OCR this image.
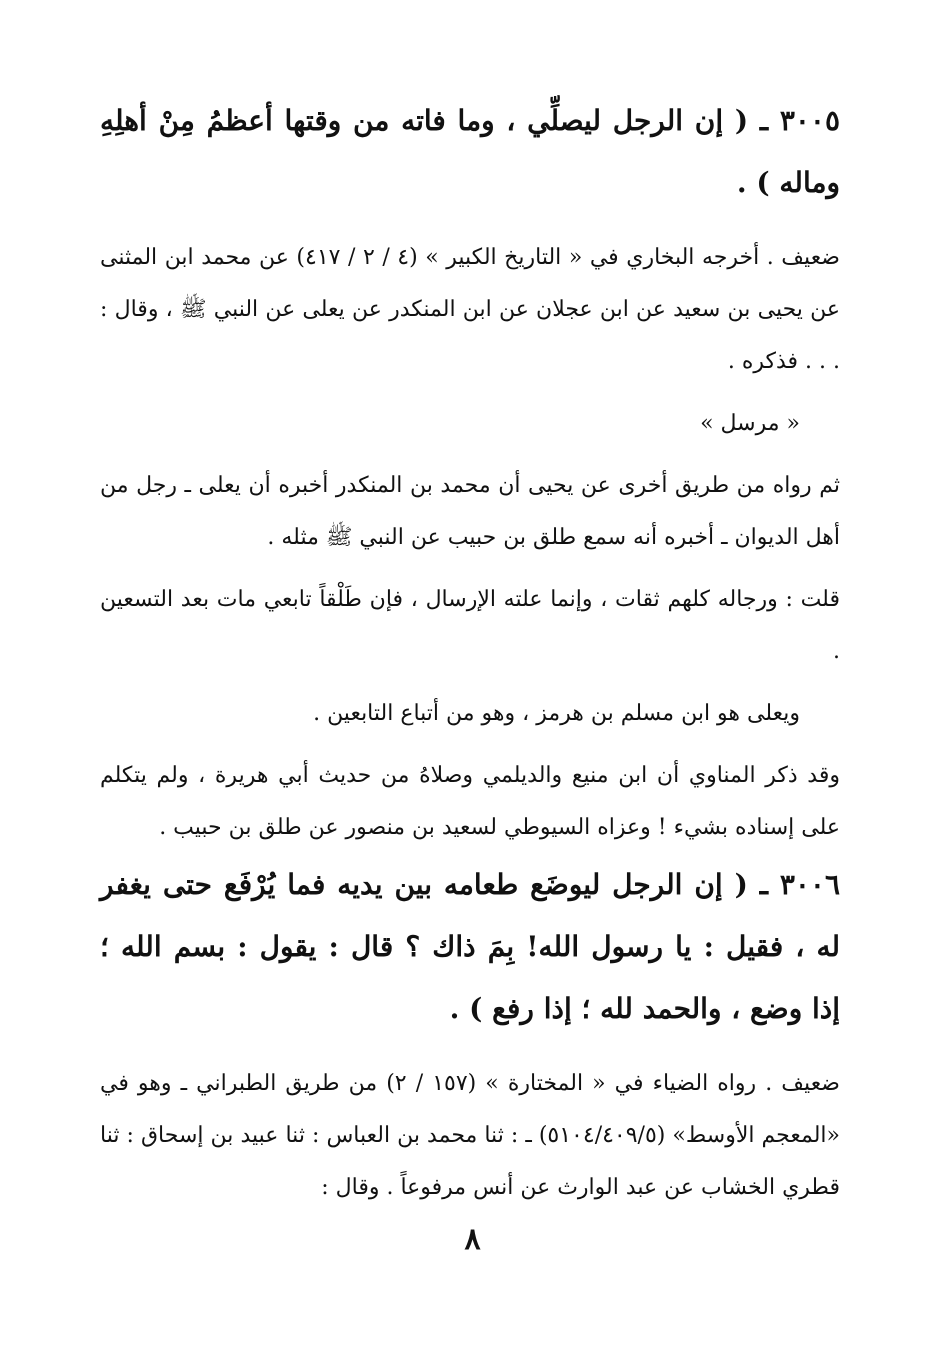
٣٠٠٥ ـ ( إن الرجل ليصلِّي ، وما فاته من وقتها أعظمُ مِنْ أهلِهِ وماله ) .

ضعيف . أخرجه البخاري في « التاريخ الكبير » (٤ / ٢ / ٤١٧) عن محمد ابن المثنى عن يحيى بن سعيد عن ابن عجلان عن ابن المنكدر عن يعلى عن النبي ﷺ ، وقال : . . . فذكره .

« مرسل »

ثم رواه من طريق أخرى عن يحيى أن محمد بن المنكدر أخبره أن يعلى ـ رجل من أهل الديوان ـ أخبره أنه سمع طلق بن حبيب عن النبي ﷺ مثله .

قلت : ورجاله كلهم ثقات ، وإنما علته الإرسال ، فإن طَلْقاً تابعي مات بعد التسعين .

ويعلى هو ابن مسلم بن هرمز ، وهو من أتباع التابعين .

وقد ذكر المناوي أن ابن منيع والديلمي وصلاهُ من حديث أبي هريرة ، ولم يتكلم على إسناده بشيء ! وعزاه السيوطي لسعيد بن منصور عن طلق بن حبيب .

٣٠٠٦ ـ ( إن الرجل ليوضَع طعامه بين يديه فما يُرْفَع حتى يغفر له ، فقيل : يا رسول الله! بِمَ ذاك ؟ قال : يقول : بسم الله ؛ إذا وضع ، والحمد لله ؛ إذا رفع ) .

ضعيف . رواه الضياء في « المختارة » (١٥٧ / ٢) من طريق الطبراني ـ وهو في «المعجم الأوسط» (٥١٠٤/٤٠٩/٥) ـ : ثنا محمد بن العباس : ثنا عبيد بن إسحاق : ثنا قطري الخشاب عن عبد الوارث عن أنس مرفوعاً . وقال :

٨
